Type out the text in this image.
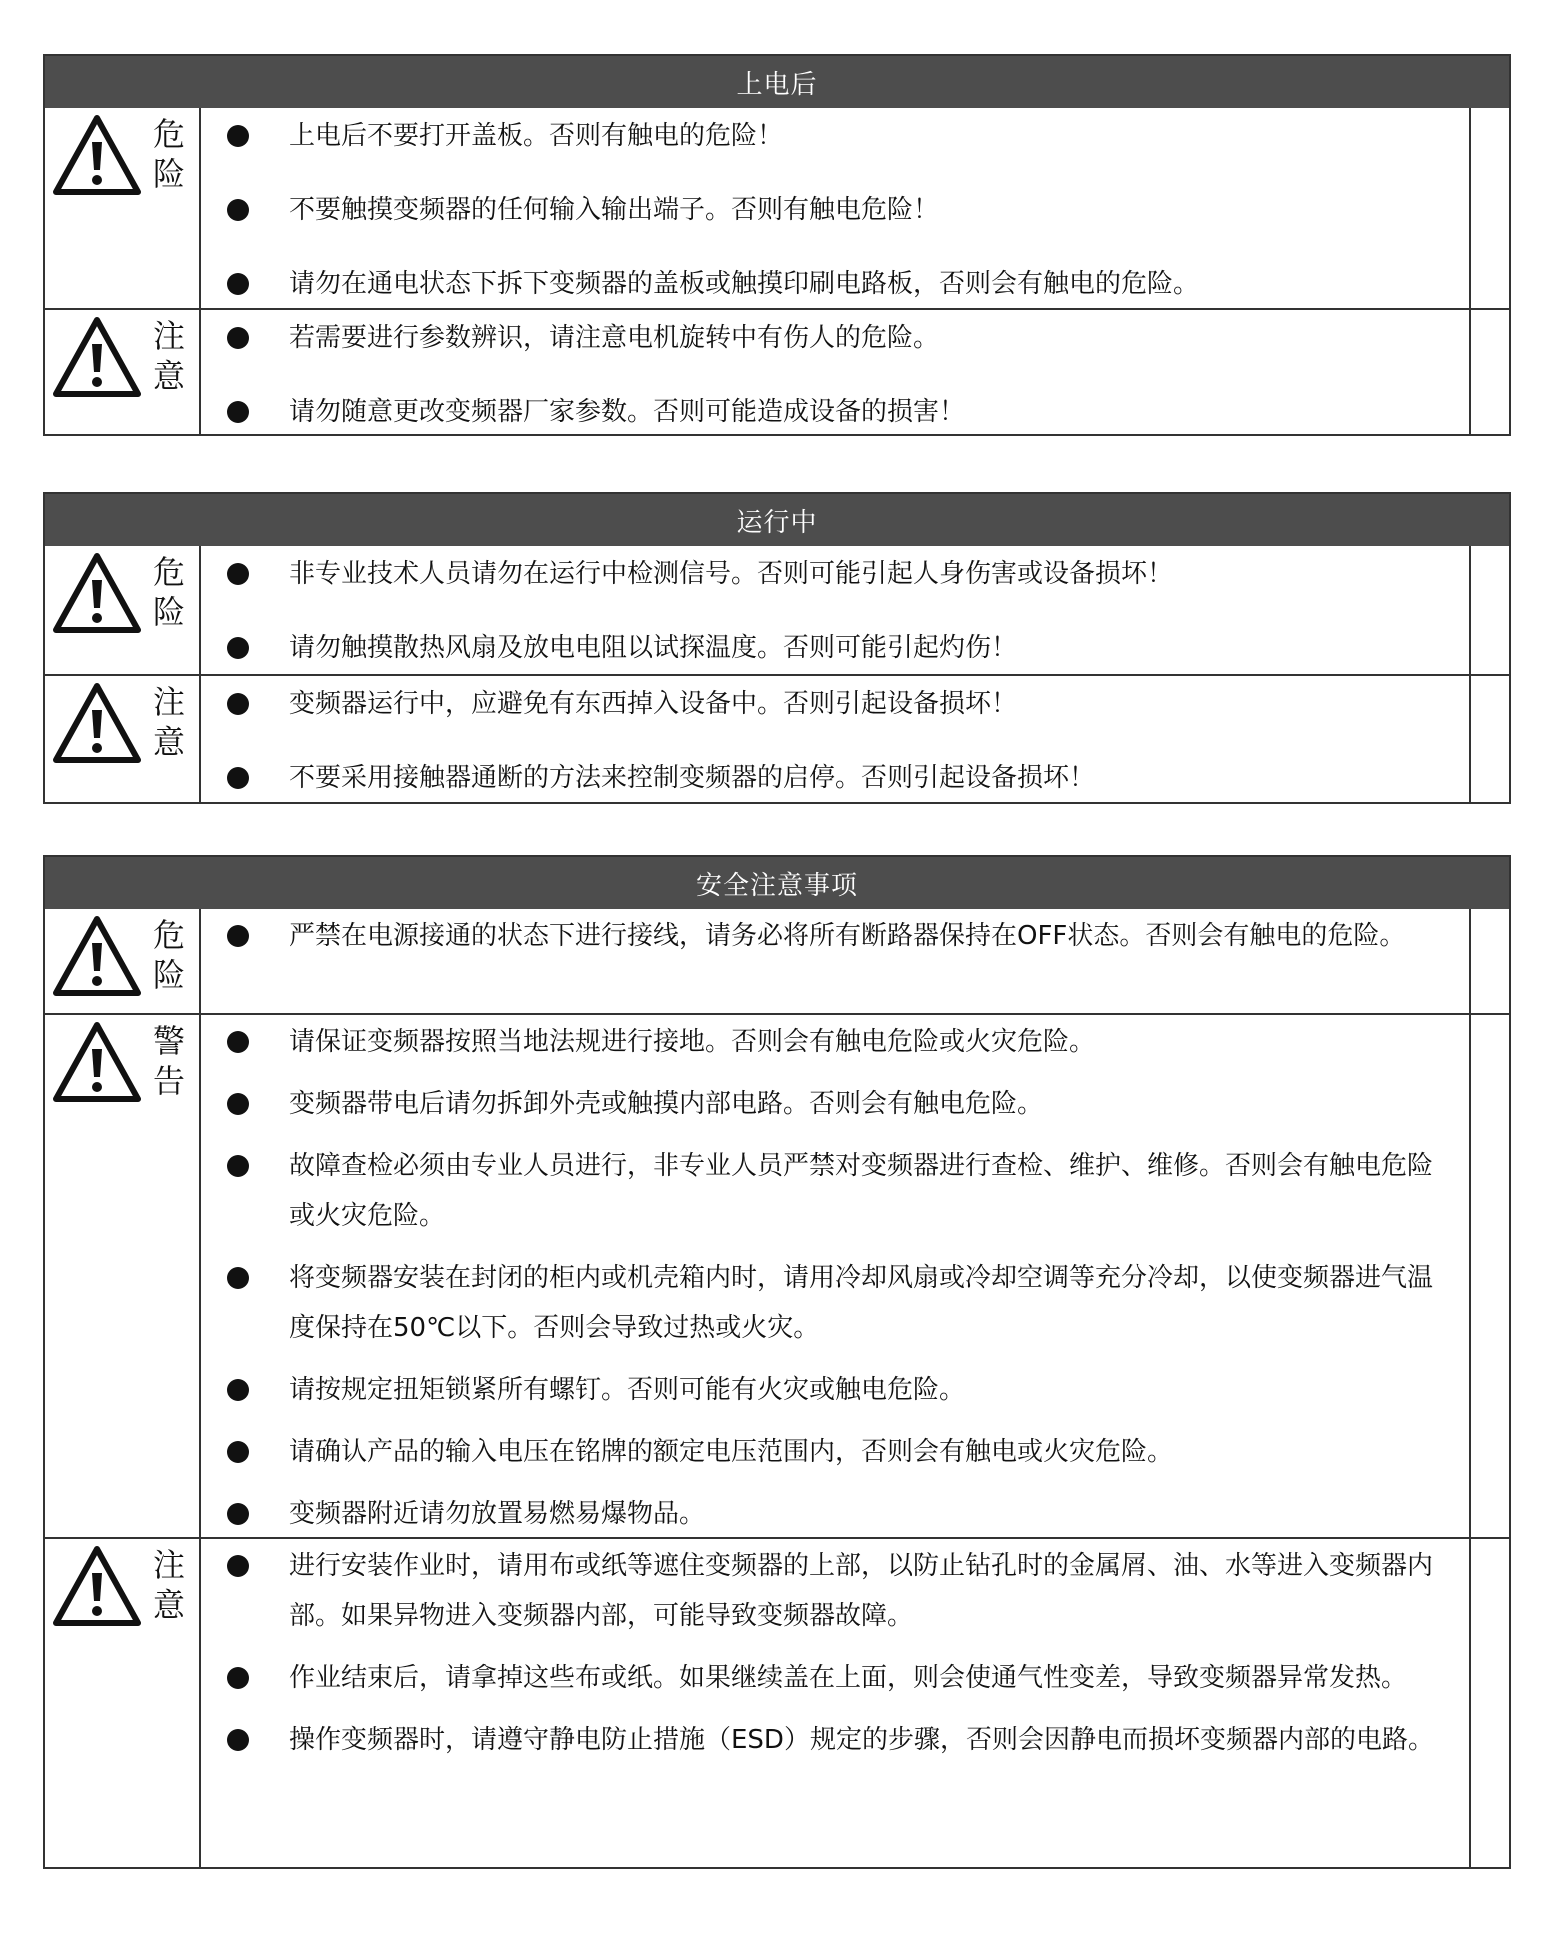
上电后
危险
上电后不要打开盖板。否则有触电的危险！
不要触摸变频器的任何输入输出端子。否则有触电危险！
请勿在通电状态下拆下变频器的盖板或触摸印刷电路板，否则会有触电的危险。
注意
若需要进行参数辨识，请注意电机旋转中有伤人的危险。
请勿随意更改变频器厂家参数。否则可能造成设备的损害！
运行中
危险
非专业技术人员请勿在运行中检测信号。否则可能引起人身伤害或设备损坏！
请勿触摸散热风扇及放电电阻以试探温度。否则可能引起灼伤！
注意
变频器运行中，应避免有东西掉入设备中。否则引起设备损坏！
不要采用接触器通断的方法来控制变频器的启停。否则引起设备损坏！
安全注意事项
危险
严禁在电源接通的状态下进行接线，请务必将所有断路器保持在OFF状态。否则会有触电的危险。
警告
请保证变频器按照当地法规进行接地。否则会有触电危险或火灾危险。
变频器带电后请勿拆卸外壳或触摸内部电路。否则会有触电危险。
故障查检必须由专业人员进行，非专业人员严禁对变频器进行查检、维护、维修。否则会有触电危险或火灾危险。
将变频器安装在封闭的柜内或机壳箱内时，请用冷却风扇或冷却空调等充分冷却，以使变频器进气温度保持在50℃以下。否则会导致过热或火灾。
请按规定扭矩锁紧所有螺钉。否则可能有火灾或触电危险。
请确认产品的输入电压在铭牌的额定电压范围内，否则会有触电或火灾危险。
变频器附近请勿放置易燃易爆物品。
注意
进行安装作业时，请用布或纸等遮住变频器的上部，以防止钻孔时的金属屑、油、水等进入变频器内部。如果异物进入变频器内部，可能导致变频器故障。
作业结束后，请拿掉这些布或纸。如果继续盖在上面，则会使通气性变差，导致变频器异常发热。
操作变频器时，请遵守静电防止措施（ESD）规定的步骤，否则会因静电而损坏变频器内部的电路。
